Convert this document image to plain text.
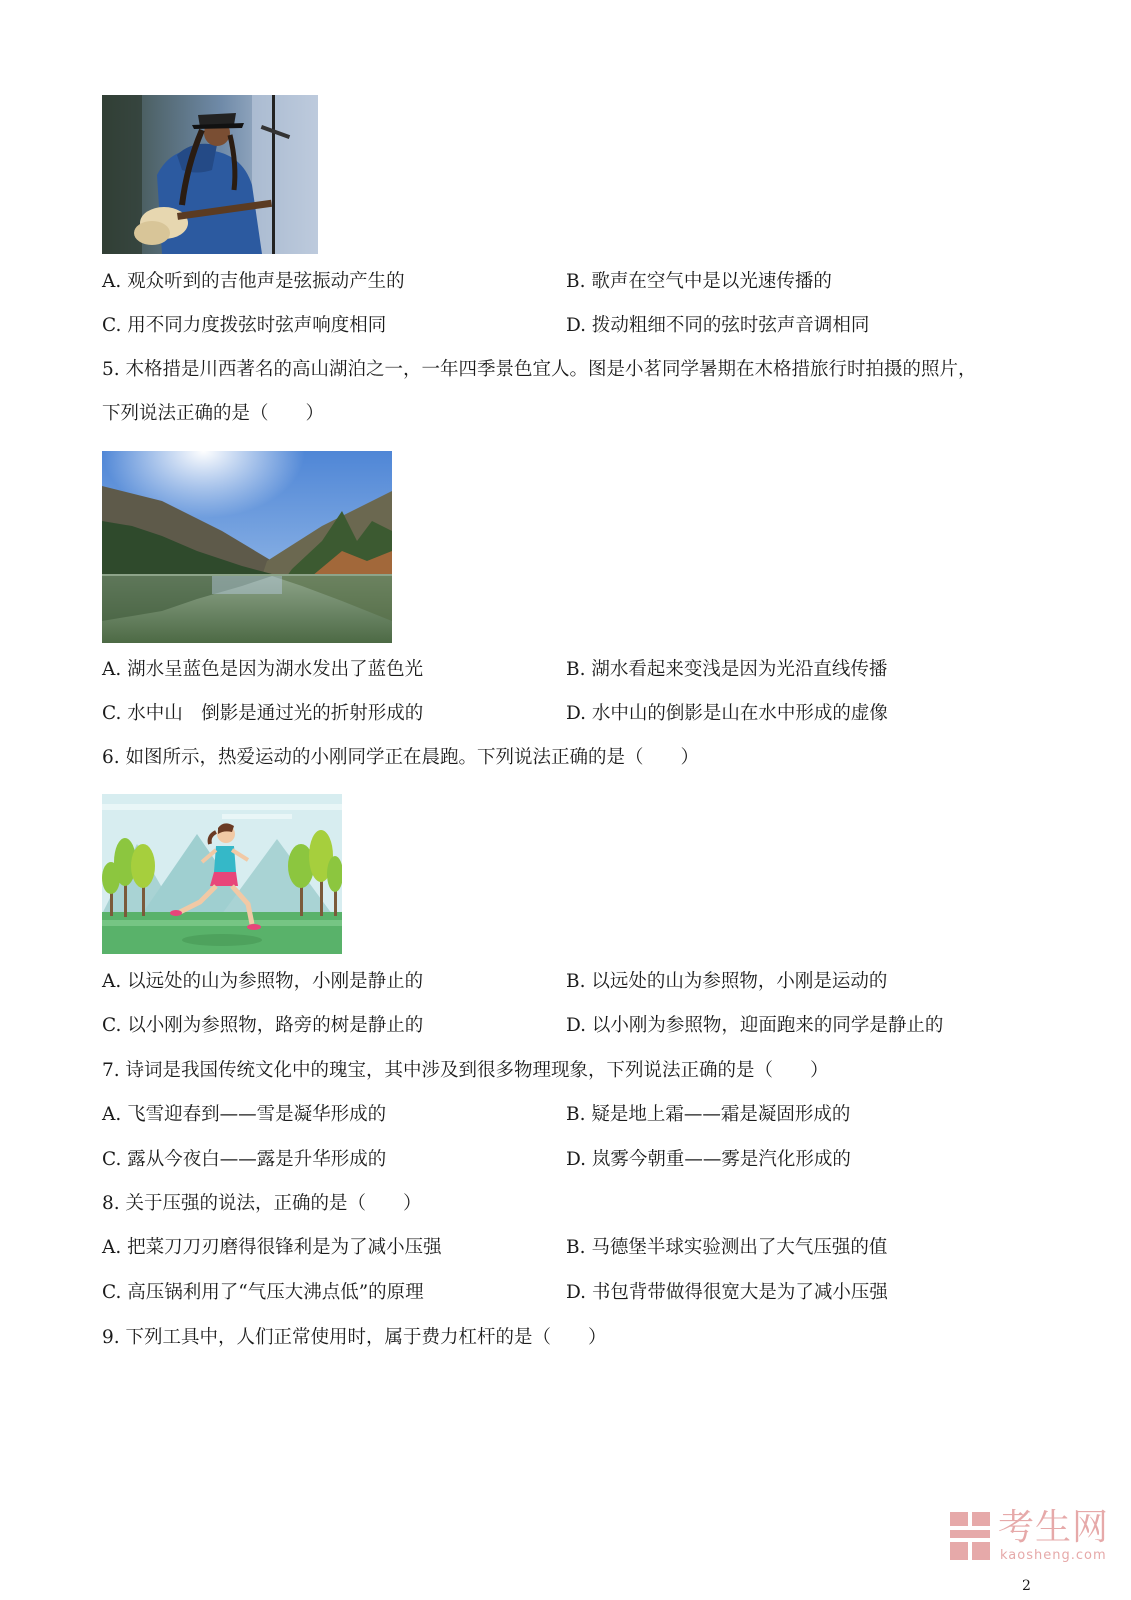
A. 观众听到的吉他声是弦振动产生的	B. 歌声在空气中是以光速传播的
C. 用不同力度拨弦时弦声响度相同	D. 拨动粗细不同的弦时弦声音调相同
5. 木格措是川西著名的高山湖泊之一，一年四季景色宜人。图是小茗同学暑期在木格措旅行时拍摄的照片，
下列说法正确的是（　　）
A. 湖水呈蓝色是因为湖水发出了蓝色光	B. 湖水看起来变浅是因为光沿直线传播
C. 水中山　倒影是通过光的折射形成的	D. 水中山的倒影是山在水中形成的虚像
6. 如图所示，热爱运动的小刚同学正在晨跑。下列说法正确的是（　　）
A. 以远处的山为参照物，小刚是静止的	B. 以远处的山为参照物，小刚是运动的
C. 以小刚为参照物，路旁的树是静止的	D. 以小刚为参照物，迎面跑来的同学是静止的
7. 诗词是我国传统文化中的瑰宝，其中涉及到很多物理现象，下列说法正确的是（　　）
A. 飞雪迎春到——雪是凝华形成的	B. 疑是地上霜——霜是凝固形成的
C. 露从今夜白——露是升华形成的	D. 岚雾今朝重——雾是汽化形成的
8. 关于压强的说法，正确的是（　　）
A. 把菜刀刀刃磨得很锋利是为了减小压强	B. 马德堡半球实验测出了大气压强的值
C. 高压锅利用了“气压大沸点低”的原理	D. 书包背带做得很宽大是为了减小压强
9. 下列工具中，人们正常使用时，属于费力杠杆的是（　　）
考生网
kaosheng.com
2
